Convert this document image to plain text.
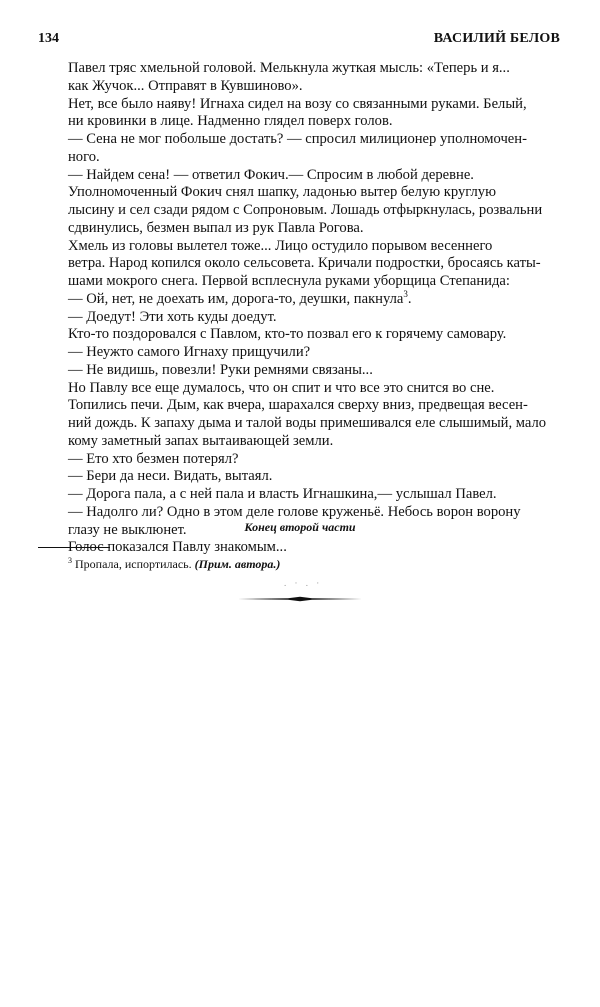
134	ВАСИЛИЙ БЕЛОВ

Павел тряс хмельной головой. Мелькнула жуткая мысль: «Теперь и я...

как Жучок... Отправят в Кувшиново».

Нет, все было наяву! Игнаха сидел на возу со связанными руками. Белый,

ни кровинки в лице. Надменно глядел поверх голов.

— Сена не мог побольше достать? — спросил милиционер уполномочен-

ного.

— Найдем сена! — ответил Фокич.— Спросим в любой деревне.

Уполномоченный Фокич снял шапку, ладонью вытер белую круглую

лысину и сел сзади рядом с Сопроновым. Лошадь отфыркнулась, розвальни

сдвинулись, безмен выпал из рук Павла Рогова.

Хмель из головы вылетел тоже... Лицо остудило порывом весеннего

ветра. Народ копился около сельсовета. Кричали подростки, бросаясь каты-

шами мокрого снега. Первой всплеснула руками уборщица Степанида:

— Ой, нет, не доехать им, дорога-то, деушки, пакнула$^3$.

— Доедут! Эти хоть куды доедут.

Кто-то поздоровался с Павлом, кто-то позвал его к горячему самовару.

— Неужто самого Игнаху прищучили?

— Не видишь, повезли! Руки ремнями связаны...

Но Павлу все еще думалось, что он спит и что все это снится во сне.

Топились печи. Дым, как вчера, шарахался сверху вниз, предвещая весен-

ний дождь. К запаху дыма и талой воды примешивался еле слышимый, мало

кому заметный запах вытаивающей земли.

— Ето хто безмен потерял?

— Бери да неси. Видать, вытаял.

— Дорога пала, а с ней пала и власть Игнашкина,— услышал Павел.

— Надолго ли? Одно в этом деле голове круженьё. Небось ворон ворону

глазу не выклюнет.

Голос показался Павлу знакомым...

Конец второй части
$^3$ Пропала, испортилась. (Прим. автора.)
. · . ·
